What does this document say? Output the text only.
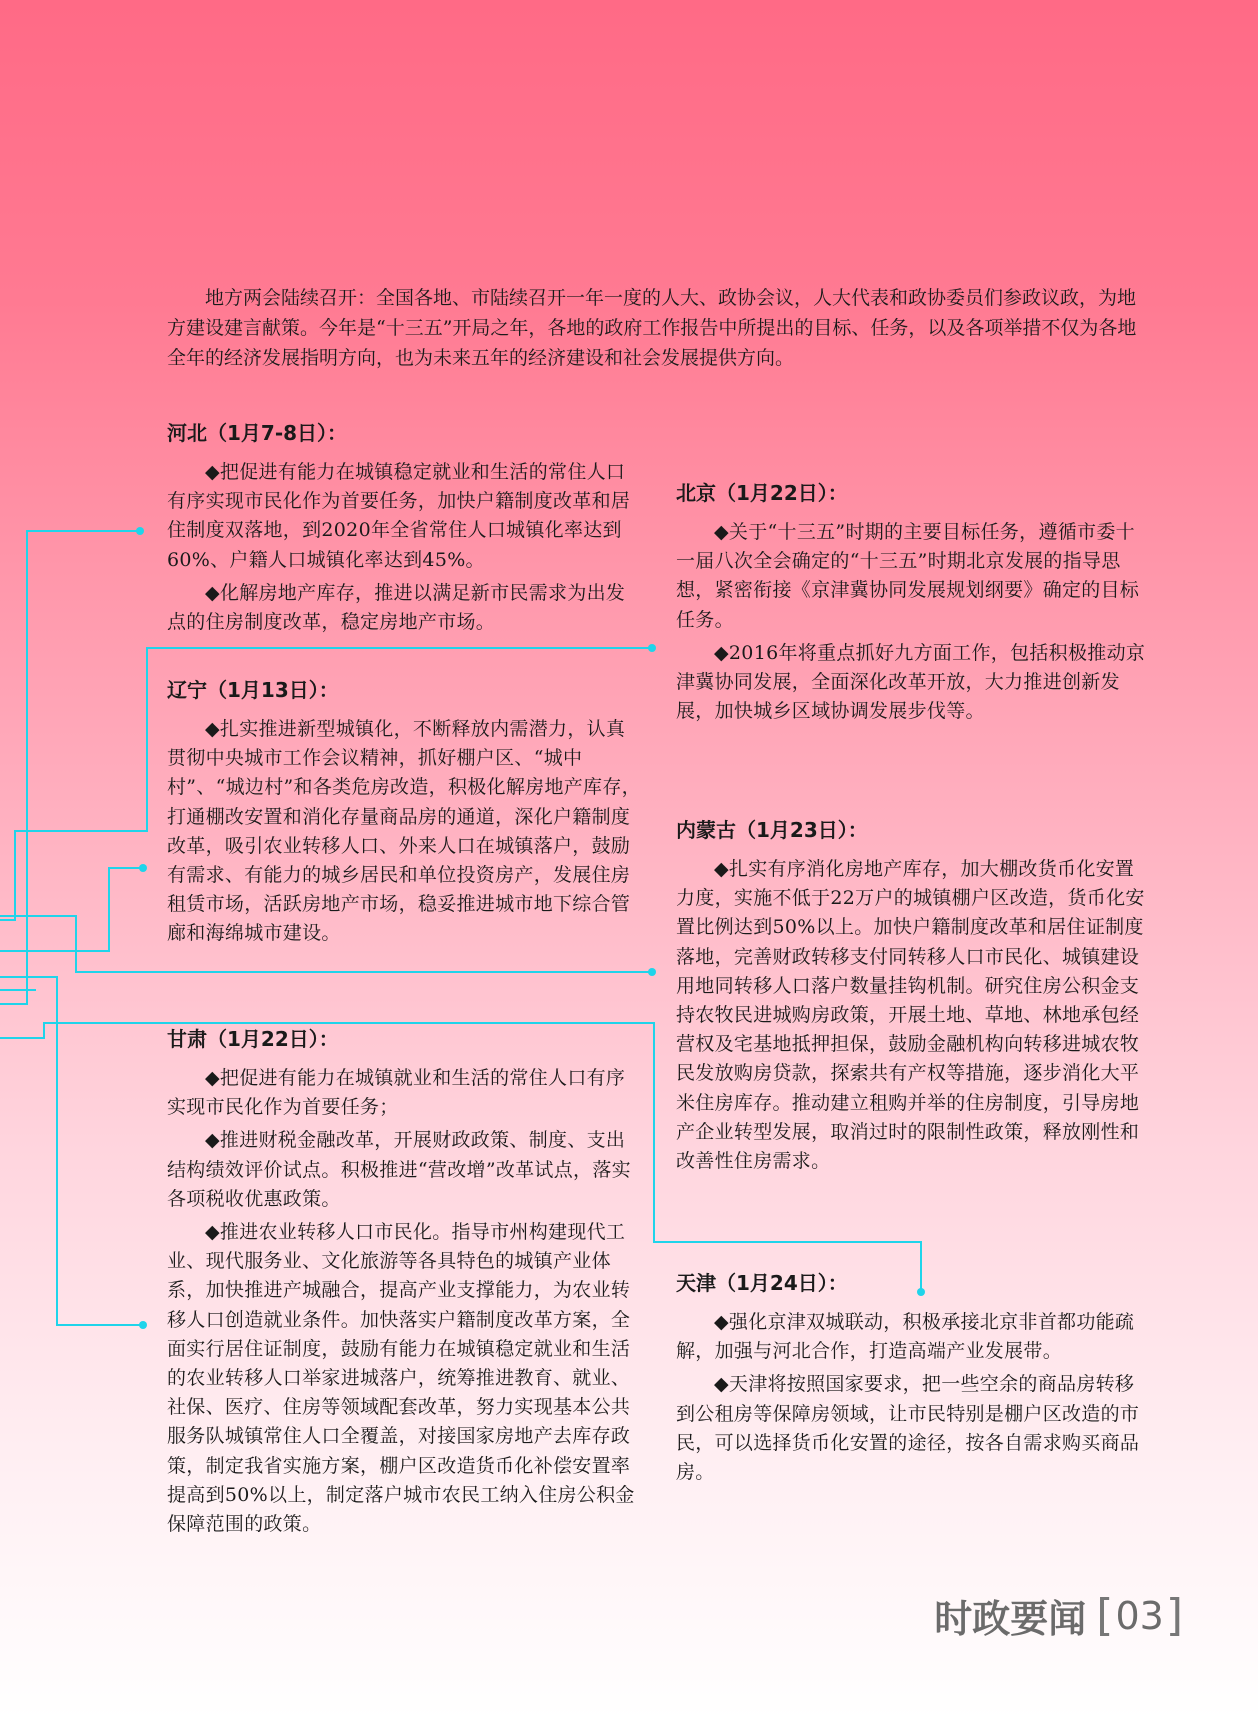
地方两会陆续召开：全国各地、市陆续召开一年一度的人大、政协会议，人大代表和政协委员们参政议政，为地方建设建言献策。今年是“十三五”开局之年，各地的政府工作报告中所提出的目标、任务，以及各项举措不仅为各地全年的经济发展指明方向，也为未来五年的经济建设和社会发展提供方向。

河北（1月7-8日）：

◆把促进有能力在城镇稳定就业和生活的常住人口有序实现市民化作为首要任务，加快户籍制度改革和居住制度双落地，到2020年全省常住人口城镇化率达到60%、户籍人口城镇化率达到45%。

◆化解房地产库存，推进以满足新市民需求为出发点的住房制度改革，稳定房地产市场。

辽宁（1月13日）：

◆扎实推进新型城镇化，不断释放内需潜力，认真贯彻中央城市工作会议精神，抓好棚户区、“城中村”、“城边村”和各类危房改造，积极化解房地产库存，打通棚改安置和消化存量商品房的通道，深化户籍制度改革，吸引农业转移人口、外来人口在城镇落户，鼓励有需求、有能力的城乡居民和单位投资房产，发展住房租赁市场，活跃房地产市场，稳妥推进城市地下综合管廊和海绵城市建设。

甘肃（1月22日）：

◆把促进有能力在城镇就业和生活的常住人口有序实现市民化作为首要任务；

◆推进财税金融改革，开展财政政策、制度、支出结构绩效评价试点。积极推进“营改增”改革试点，落实各项税收优惠政策。

◆推进农业转移人口市民化。指导市州构建现代工业、现代服务业、文化旅游等各具特色的城镇产业体系，加快推进产城融合，提高产业支撑能力，为农业转移人口创造就业条件。加快落实户籍制度改革方案，全面实行居住证制度，鼓励有能力在城镇稳定就业和生活的农业转移人口举家进城落户，统筹推进教育、就业、社保、医疗、住房等领域配套改革，努力实现基本公共服务队城镇常住人口全覆盖，对接国家房地产去库存政策，制定我省实施方案，棚户区改造货币化补偿安置率提高到50%以上，制定落户城市农民工纳入住房公积金保障范围的政策。

北京（1月22日）：

◆关于“十三五”时期的主要目标任务，遵循市委十一届八次全会确定的“十三五”时期北京发展的指导思想，紧密衔接《京津冀协同发展规划纲要》确定的目标任务。

◆2016年将重点抓好九方面工作，包括积极推动京津冀协同发展，全面深化改革开放，大力推进创新发展，加快城乡区域协调发展步伐等。

内蒙古（1月23日）：

◆扎实有序消化房地产库存，加大棚改货币化安置力度，实施不低于22万户的城镇棚户区改造，货币化安置比例达到50%以上。加快户籍制度改革和居住证制度落地，完善财政转移支付同转移人口市民化、城镇建设用地同转移人口落户数量挂钩机制。研究住房公积金支持农牧民进城购房政策，开展土地、草地、林地承包经营权及宅基地抵押担保，鼓励金融机构向转移进城农牧民发放购房贷款，探索共有产权等措施，逐步消化大平米住房库存。推动建立租购并举的住房制度，引导房地产企业转型发展，取消过时的限制性政策，释放刚性和改善性住房需求。

天津（1月24日）：

◆强化京津双城联动，积极承接北京非首都功能疏解，加强与河北合作，打造高端产业发展带。

◆天津将按照国家要求，把一些空余的商品房转移到公租房等保障房领域，让市民特别是棚户区改造的市民，可以选择货币化安置的途径，按各自需求购买商品房。

时政要闻 [ 03 ]
